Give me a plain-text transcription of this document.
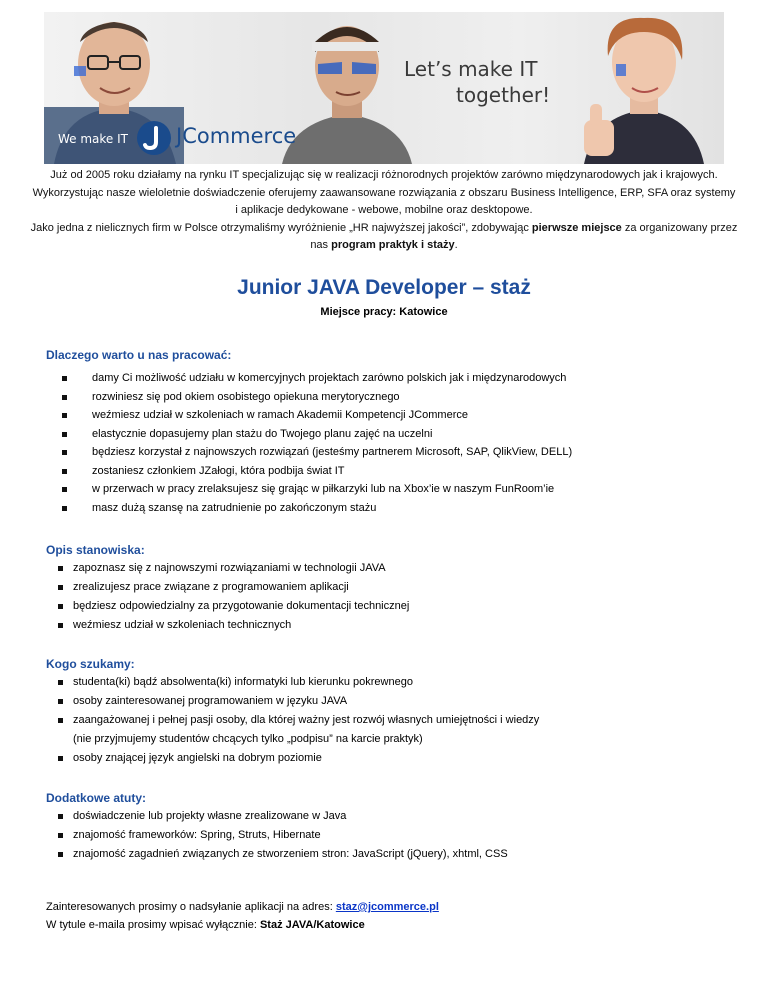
Let’s make IT
together!
We make IT JCommerce

Już od 2005 roku działamy na rynku IT specjalizując się w realizacji różnorodnych projektów zarówno międzynarodowych jak i krajowych. Wykorzystując nasze wieloletnie doświadczenie oferujemy zaawansowane rozwiązania z obszaru Business Intelligence, ERP, SFA oraz systemy i aplikacje dedykowane - webowe, mobilne oraz desktopowe.

Jako jedna z nielicznych firm w Polsce otrzymaliśmy wyróżnienie „HR najwyższej jakości”, zdobywając pierwsze miejsce za organizowany przez nas program praktyk i staży.

Junior JAVA Developer – staż
Miejsce pracy: Katowice
Dlaczego warto u nas pracować:
damy Ci możliwość udziału w komercyjnych projektach zarówno polskich jak i międzynarodowych
rozwiniesz się pod okiem osobistego opiekuna merytorycznego
weźmiesz udział w szkoleniach w ramach Akademii Kompetencji JCommerce
elastycznie dopasujemy plan stażu do Twojego planu zajęć na uczelni
będziesz korzystał z najnowszych rozwiązań (jesteśmy partnerem Microsoft, SAP, QlikView, DELL)
zostaniesz członkiem JZałogi, która podbija świat IT
w przerwach w pracy zrelaksujesz się grając w piłkarzyki lub na Xbox’ie w naszym FunRoom’ie
masz dużą szansę na zatrudnienie po zakończonym stażu
Opis stanowiska:
zapoznasz się z najnowszymi rozwiązaniami w technologii JAVA
zrealizujesz prace związane z programowaniem aplikacji
będziesz odpowiedzialny za przygotowanie dokumentacji technicznej
weźmiesz udział w szkoleniach technicznych
Kogo szukamy:
studenta(ki) bądź absolwenta(ki) informatyki lub kierunku pokrewnego
osoby zainteresowanej programowaniem w języku JAVA
zaangażowanej i pełnej pasji osoby, dla której ważny jest rozwój własnych umiejętności i wiedzy
(nie przyjmujemy studentów chcących tylko „podpisu” na karcie praktyk)
osoby znającej język angielski na dobrym poziomie
Dodatkowe atuty:
doświadczenie lub projekty własne zrealizowane w Java
znajomość frameworków: Spring, Struts, Hibernate
znajomość zagadnień związanych ze stworzeniem stron: JavaScript (jQuery), xhtml, CSS
Zainteresowanych prosimy o nadsyłanie aplikacji na adres: staz@jcommerce.pl
W tytule e-maila prosimy wpisać wyłącznie: Staż JAVA/Katowice
